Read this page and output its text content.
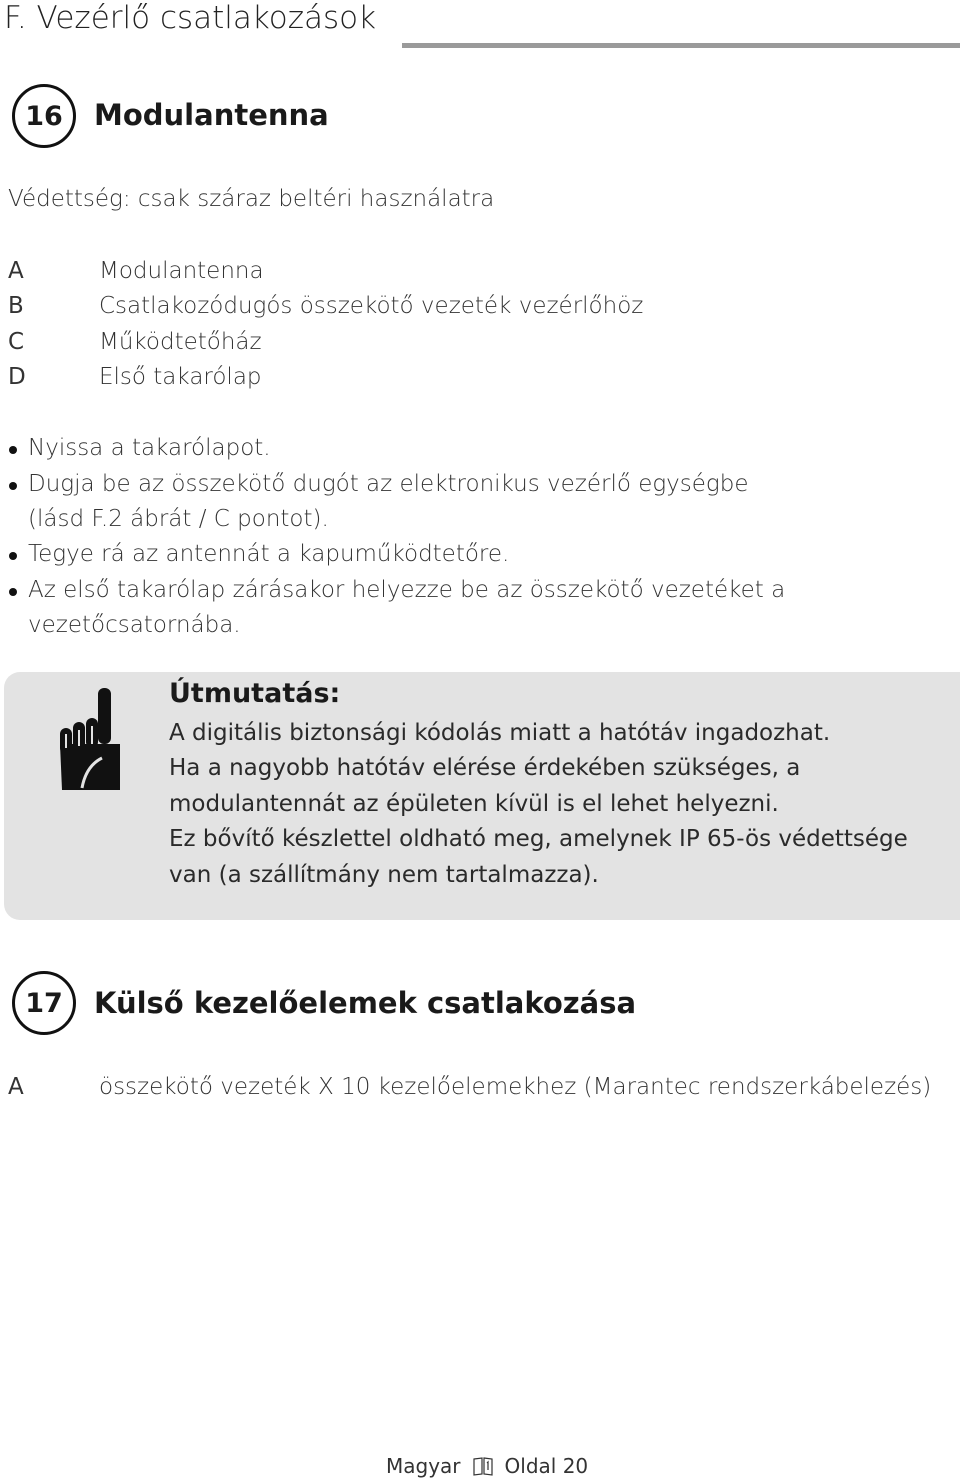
F. Vezérlő csatlakozások
16	Modulantenna
Védettség: csak száraz beltéri használatra
A	Modulantenna
B	Csatlakozódugós összekötő vezeték vezérlőhöz
C	Működtetőház
D	Első takarólap
Nyissa a takarólapot.
Dugja be az összekötő dugót az elektronikus vezérlő egységbe
(lásd F.2 ábrát / C pontot).
Tegye rá az antennát a kapuműködtetőre.
Az első takarólap zárásakor helyezze be az összekötő vezetéket a
vezetőcsatornába.
Útmutatás:
A digitális biztonsági kódolás miatt a hatótáv ingadozhat.
Ha a nagyobb hatótáv elérése érdekében szükséges, a
modulantennát az épületen kívül is el lehet helyezni.
Ez bővítő készlettel oldható meg, amelynek IP 65-ös védettsége
van (a szállítmány nem tartalmazza).
17	Külső kezelőelemek csatlakozása
A	összekötő vezeték X 10 kezelőelemekhez (Marantec rendszerkábelezés)
Magyar Oldal 20
